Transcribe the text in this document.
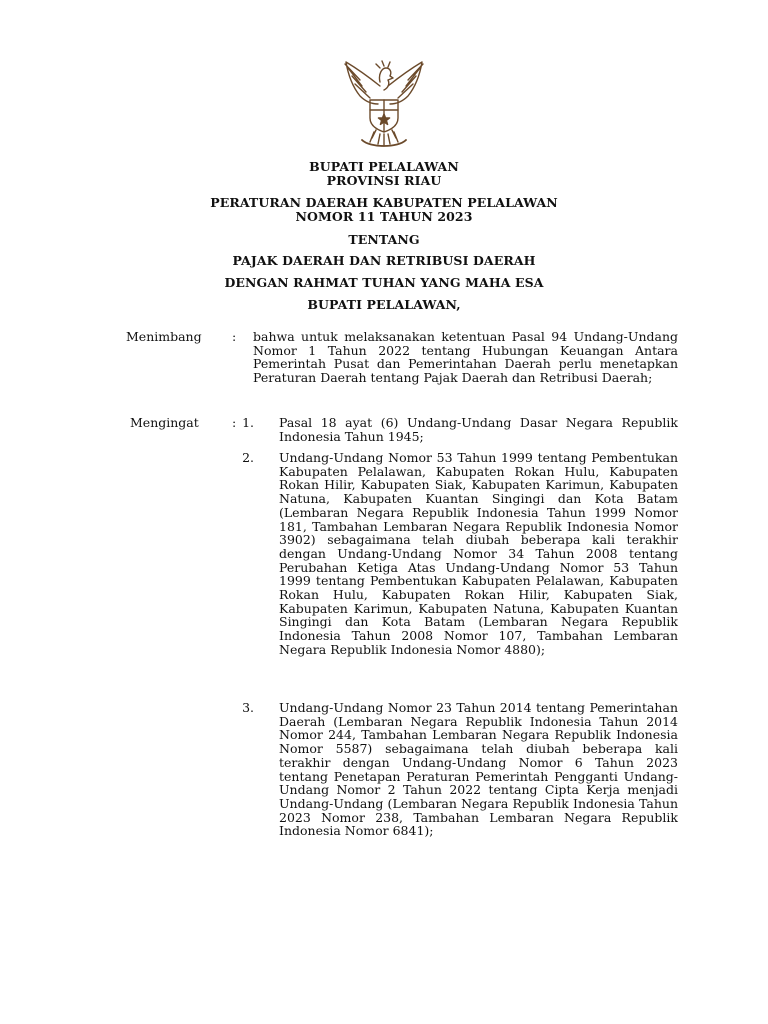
BUPATI PELALAWAN
PROVINSI RIAU
PERATURAN DAERAH KABUPATEN PELALAWAN
NOMOR 11 TAHUN 2023
TENTANG
PAJAK DAERAH DAN RETRIBUSI DAERAH
DENGAN RAHMAT TUHAN YANG MAHA ESA
BUPATI PELALAWAN,
Menimbang	: bahwa untuk melaksanakan ketentuan Pasal 94 Undang-Undang Nomor 1 Tahun 2022 tentang Hubungan Keuangan Antara Pemerintah Pusat dan Pemerintahan Daerah perlu menetapkan Peraturan Daerah tentang Pajak Daerah dan Retribusi Daerah;
Mengingat	: 1. Pasal 18 ayat (6) Undang-Undang Dasar Negara Republik Indonesia Tahun 1945;
2. Undang-Undang Nomor 53 Tahun 1999 tentang Pembentukan Kabupaten Pelalawan, Kabupaten Rokan Hulu, Kabupaten Rokan Hilir, Kabupaten Siak, Kabupaten Karimun, Kabupaten Natuna, Kabupaten Kuantan Singingi dan Kota Batam (Lembaran Negara Republik Indonesia Tahun 1999 Nomor 181, Tambahan Lembaran Negara Republik Indonesia Nomor 3902) sebagaimana telah diubah beberapa kali terakhir dengan Undang-Undang Nomor 34 Tahun 2008 tentang Perubahan Ketiga Atas Undang-Undang Nomor 53 Tahun 1999 tentang Pembentukan Kabupaten Pelalawan, Kabupaten Rokan Hulu, Kabupaten Rokan Hilir, Kabupaten Siak, Kabupaten Karimun, Kabupaten Natuna, Kabupaten Kuantan Singingi dan Kota Batam (Lembaran Negara Republik Indonesia Tahun 2008 Nomor 107, Tambahan Lembaran Negara Republik Indonesia Nomor 4880);
3. Undang-Undang Nomor 23 Tahun 2014 tentang Pemerintahan Daerah (Lembaran Negara Republik Indonesia Tahun 2014 Nomor 244, Tambahan Lembaran Negara Republik Indonesia Nomor 5587) sebagaimana telah diubah beberapa kali terakhir dengan Undang-Undang Nomor 6 Tahun 2023 tentang Penetapan Peraturan Pemerintah Pengganti Undang-Undang Nomor 2 Tahun 2022 tentang Cipta Kerja menjadi Undang-Undang (Lembaran Negara Republik Indonesia Tahun 2023 Nomor 238, Tambahan Lembaran Negara Republik Indonesia Nomor 6841);
